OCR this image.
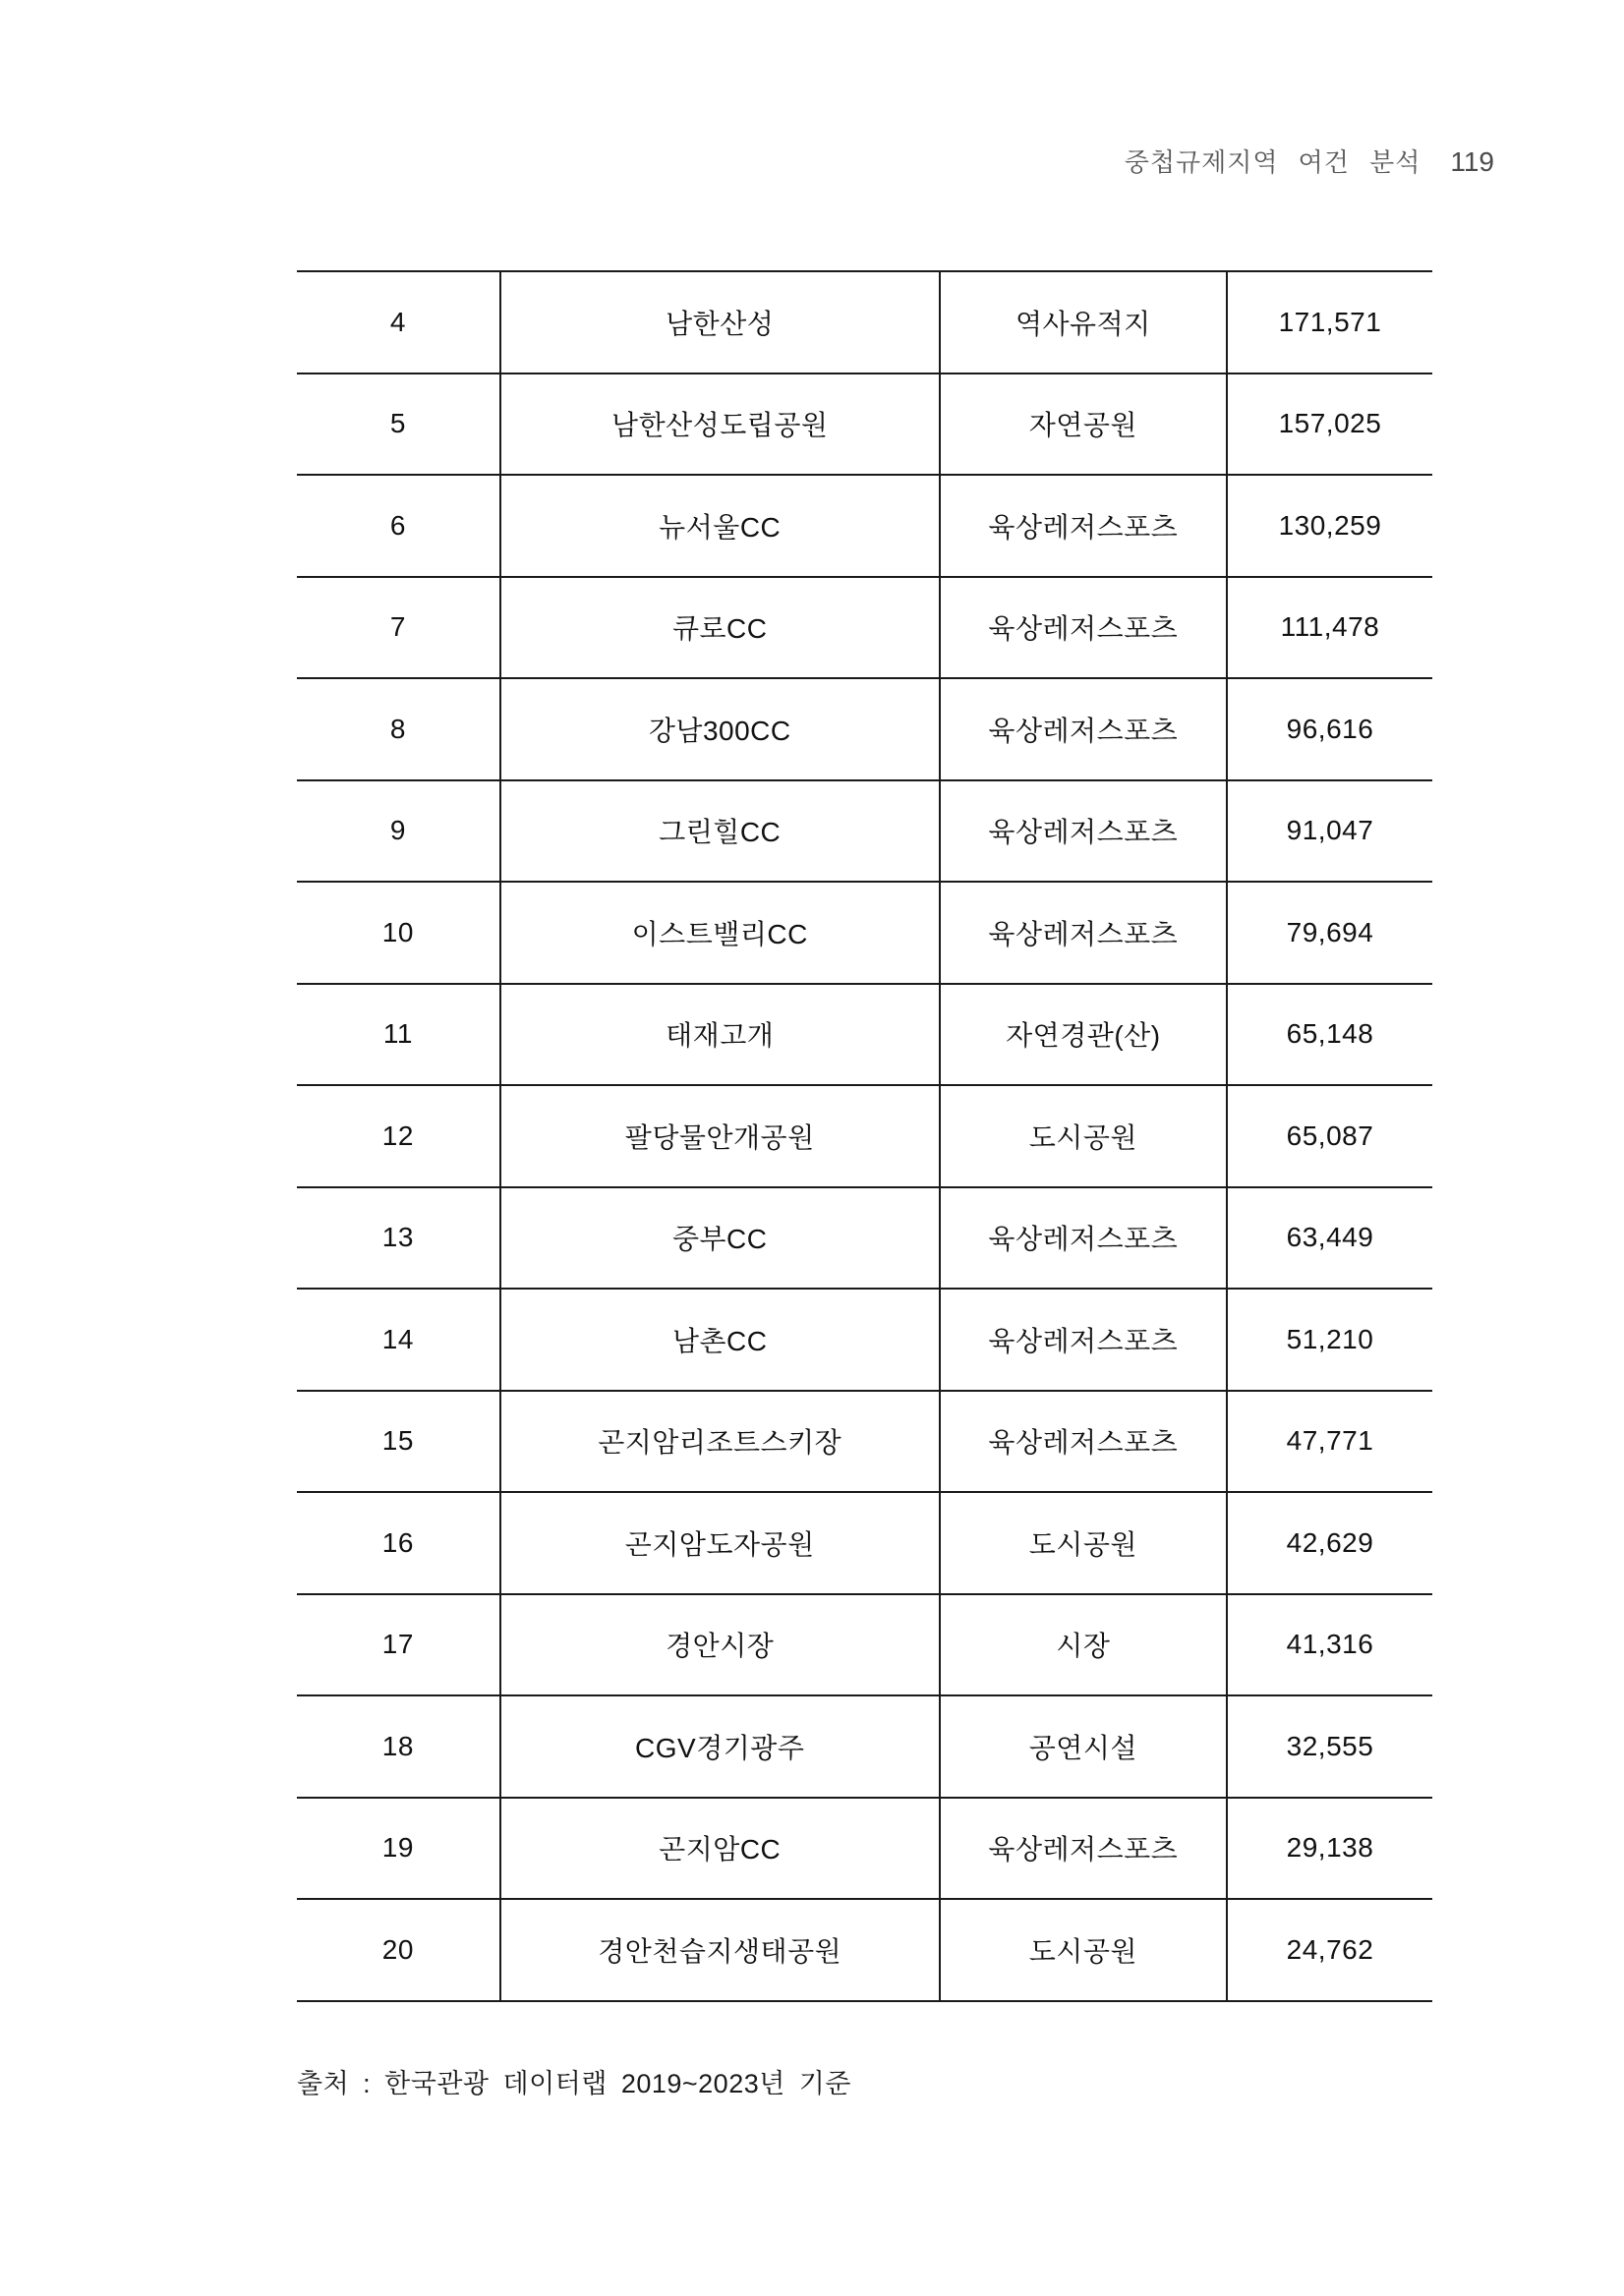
중첩규제지역 여건 분석 119
4	남한산성	역사유적지	171,571
5	남한산성도립공원	자연공원	157,025
6	뉴서울CC	육상레저스포츠	130,259
7	큐로CC	육상레저스포츠	111,478
8	강남300CC	육상레저스포츠	96,616
9	그린힐CC	육상레저스포츠	91,047
10	이스트밸리CC	육상레저스포츠	79,694
11	태재고개	자연경관(산)	65,148
12	팔당물안개공원	도시공원	65,087
13	중부CC	육상레저스포츠	63,449
14	남촌CC	육상레저스포츠	51,210
15	곤지암리조트스키장	육상레저스포츠	47,771
16	곤지암도자공원	도시공원	42,629
17	경안시장	시장	41,316
18	CGV경기광주	공연시설	32,555
19	곤지암CC	육상레저스포츠	29,138
20	경안천습지생태공원	도시공원	24,762
출처 : 한국관광 데이터랩 2019~2023년 기준
